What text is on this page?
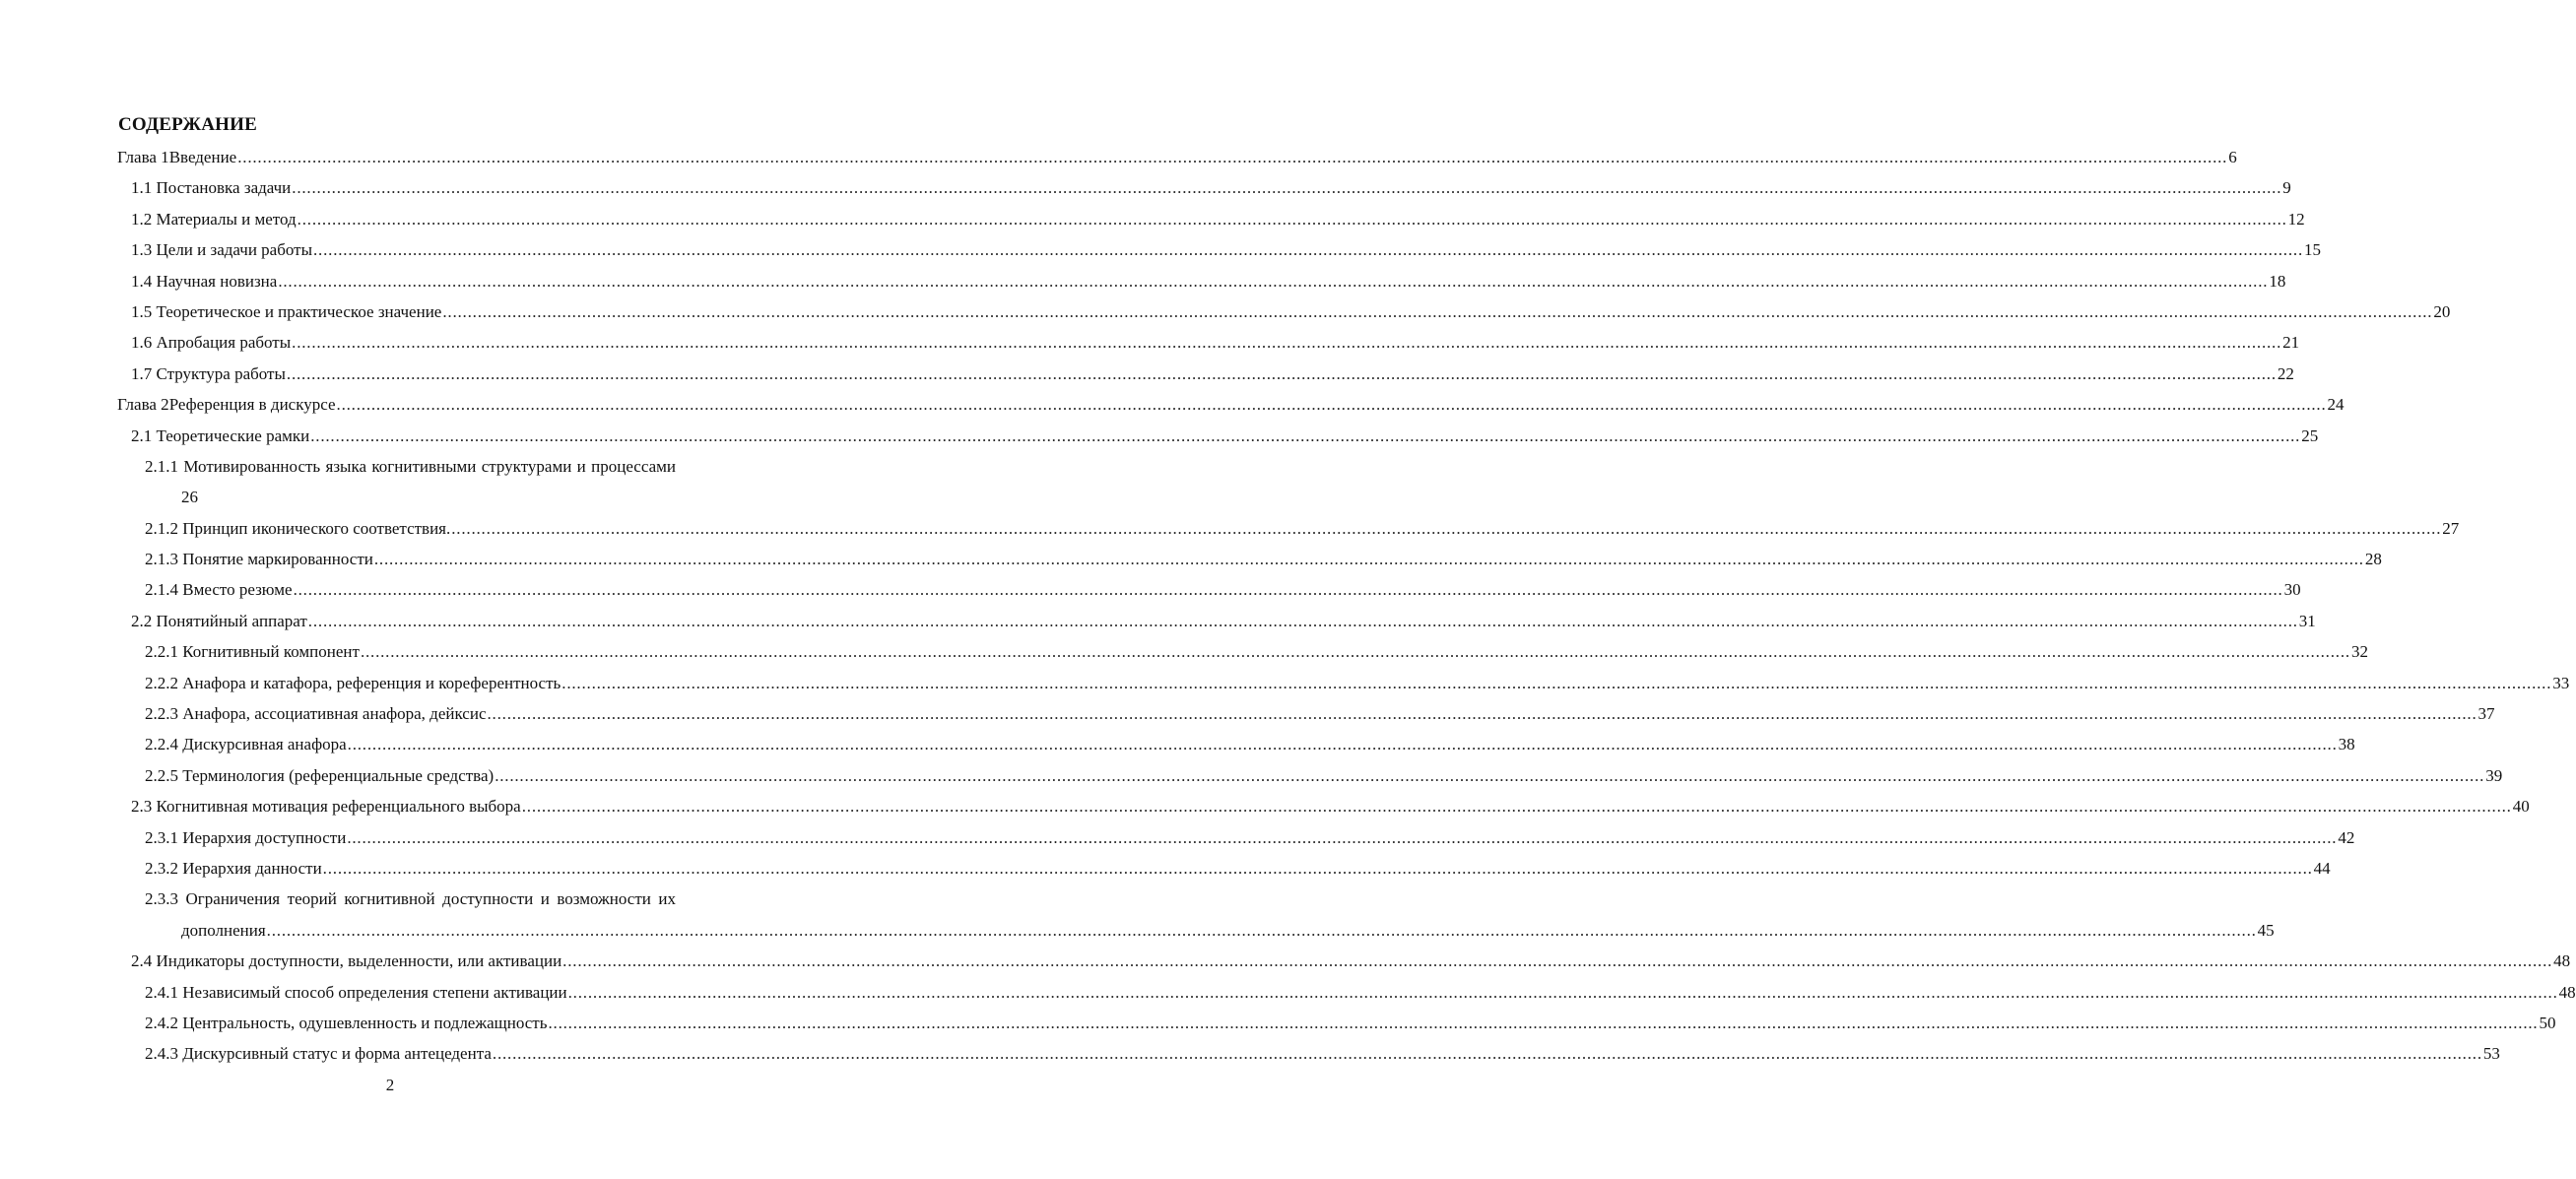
СОДЕРЖАНИЕ
Глава 1 Введение ................................................................................................................................................................................................................................................................................................................................................................................................................ 6
1.1 Постановка задачи ................................................................................................................................................................................................................................................................................................................................................................................................................ 9
1.2 Материалы и метод ................................................................................................................................................................................................................................................................................................................................................................................................................ 12
1.3 Цели и задачи работы ................................................................................................................................................................................................................................................................................................................................................................................................................ 15
1.4 Научная новизна ................................................................................................................................................................................................................................................................................................................................................................................................................ 18
1.5 Теоретическое и практическое значение ................................................................................................................................................................................................................................................................................................................................................................................................................ 20
1.6 Апробация работы ................................................................................................................................................................................................................................................................................................................................................................................................................ 21
1.7 Структура работы ................................................................................................................................................................................................................................................................................................................................................................................................................ 22
Глава 2 Референция в дискурсе ................................................................................................................................................................................................................................................................................................................................................................................................................ 24
2.1 Теоретические рамки ................................................................................................................................................................................................................................................................................................................................................................................................................ 25
2.1.1 Мотивированность языка когнитивными структурами и процессами
26
2.1.2 Принцип иконического соответствия. ................................................................................................................................................................................................................................................................................................................................................................................................................ 27
2.1.3 Понятие маркированности ................................................................................................................................................................................................................................................................................................................................................................................................................ 28
2.1.4 Вместо резюме ................................................................................................................................................................................................................................................................................................................................................................................................................ 30
2.2 Понятийный аппарат ................................................................................................................................................................................................................................................................................................................................................................................................................ 31
2.2.1 Когнитивный компонент ................................................................................................................................................................................................................................................................................................................................................................................................................ 32
2.2.2 Анафора и катафора, референция и кореферентность ................................................................................................................................................................................................................................................................................................................................................................................................................ 33
2.2.3 Анафора, ассоциативная анафора, дейксис ................................................................................................................................................................................................................................................................................................................................................................................................................ 37
2.2.4 Дискурсивная анафора ................................................................................................................................................................................................................................................................................................................................................................................................................ 38
2.2.5 Терминология (референциальные средства) ................................................................................................................................................................................................................................................................................................................................................................................................................ 39
2.3 Когнитивная мотивация референциального выбора ................................................................................................................................................................................................................................................................................................................................................................................................................ 40
2.3.1 Иерархия доступности ................................................................................................................................................................................................................................................................................................................................................................................................................ 42
2.3.2 Иерархия данности ................................................................................................................................................................................................................................................................................................................................................................................................................ 44
2.3.3 Ограничения теорий когнитивной доступности и возможности их
дополнения ................................................................................................................................................................................................................................................................................................................................................................................................................ 45
2.4 Индикаторы доступности, выделенности, или активации ................................................................................................................................................................................................................................................................................................................................................................................................................ 48
2.4.1 Независимый способ определения степени активации ................................................................................................................................................................................................................................................................................................................................................................................................................ 48
2.4.2 Центральность, одушевленность и подлежащность ................................................................................................................................................................................................................................................................................................................................................................................................................ 50
2.4.3 Дискурсивный статус и форма антецедента ................................................................................................................................................................................................................................................................................................................................................................................................................ 53
2
